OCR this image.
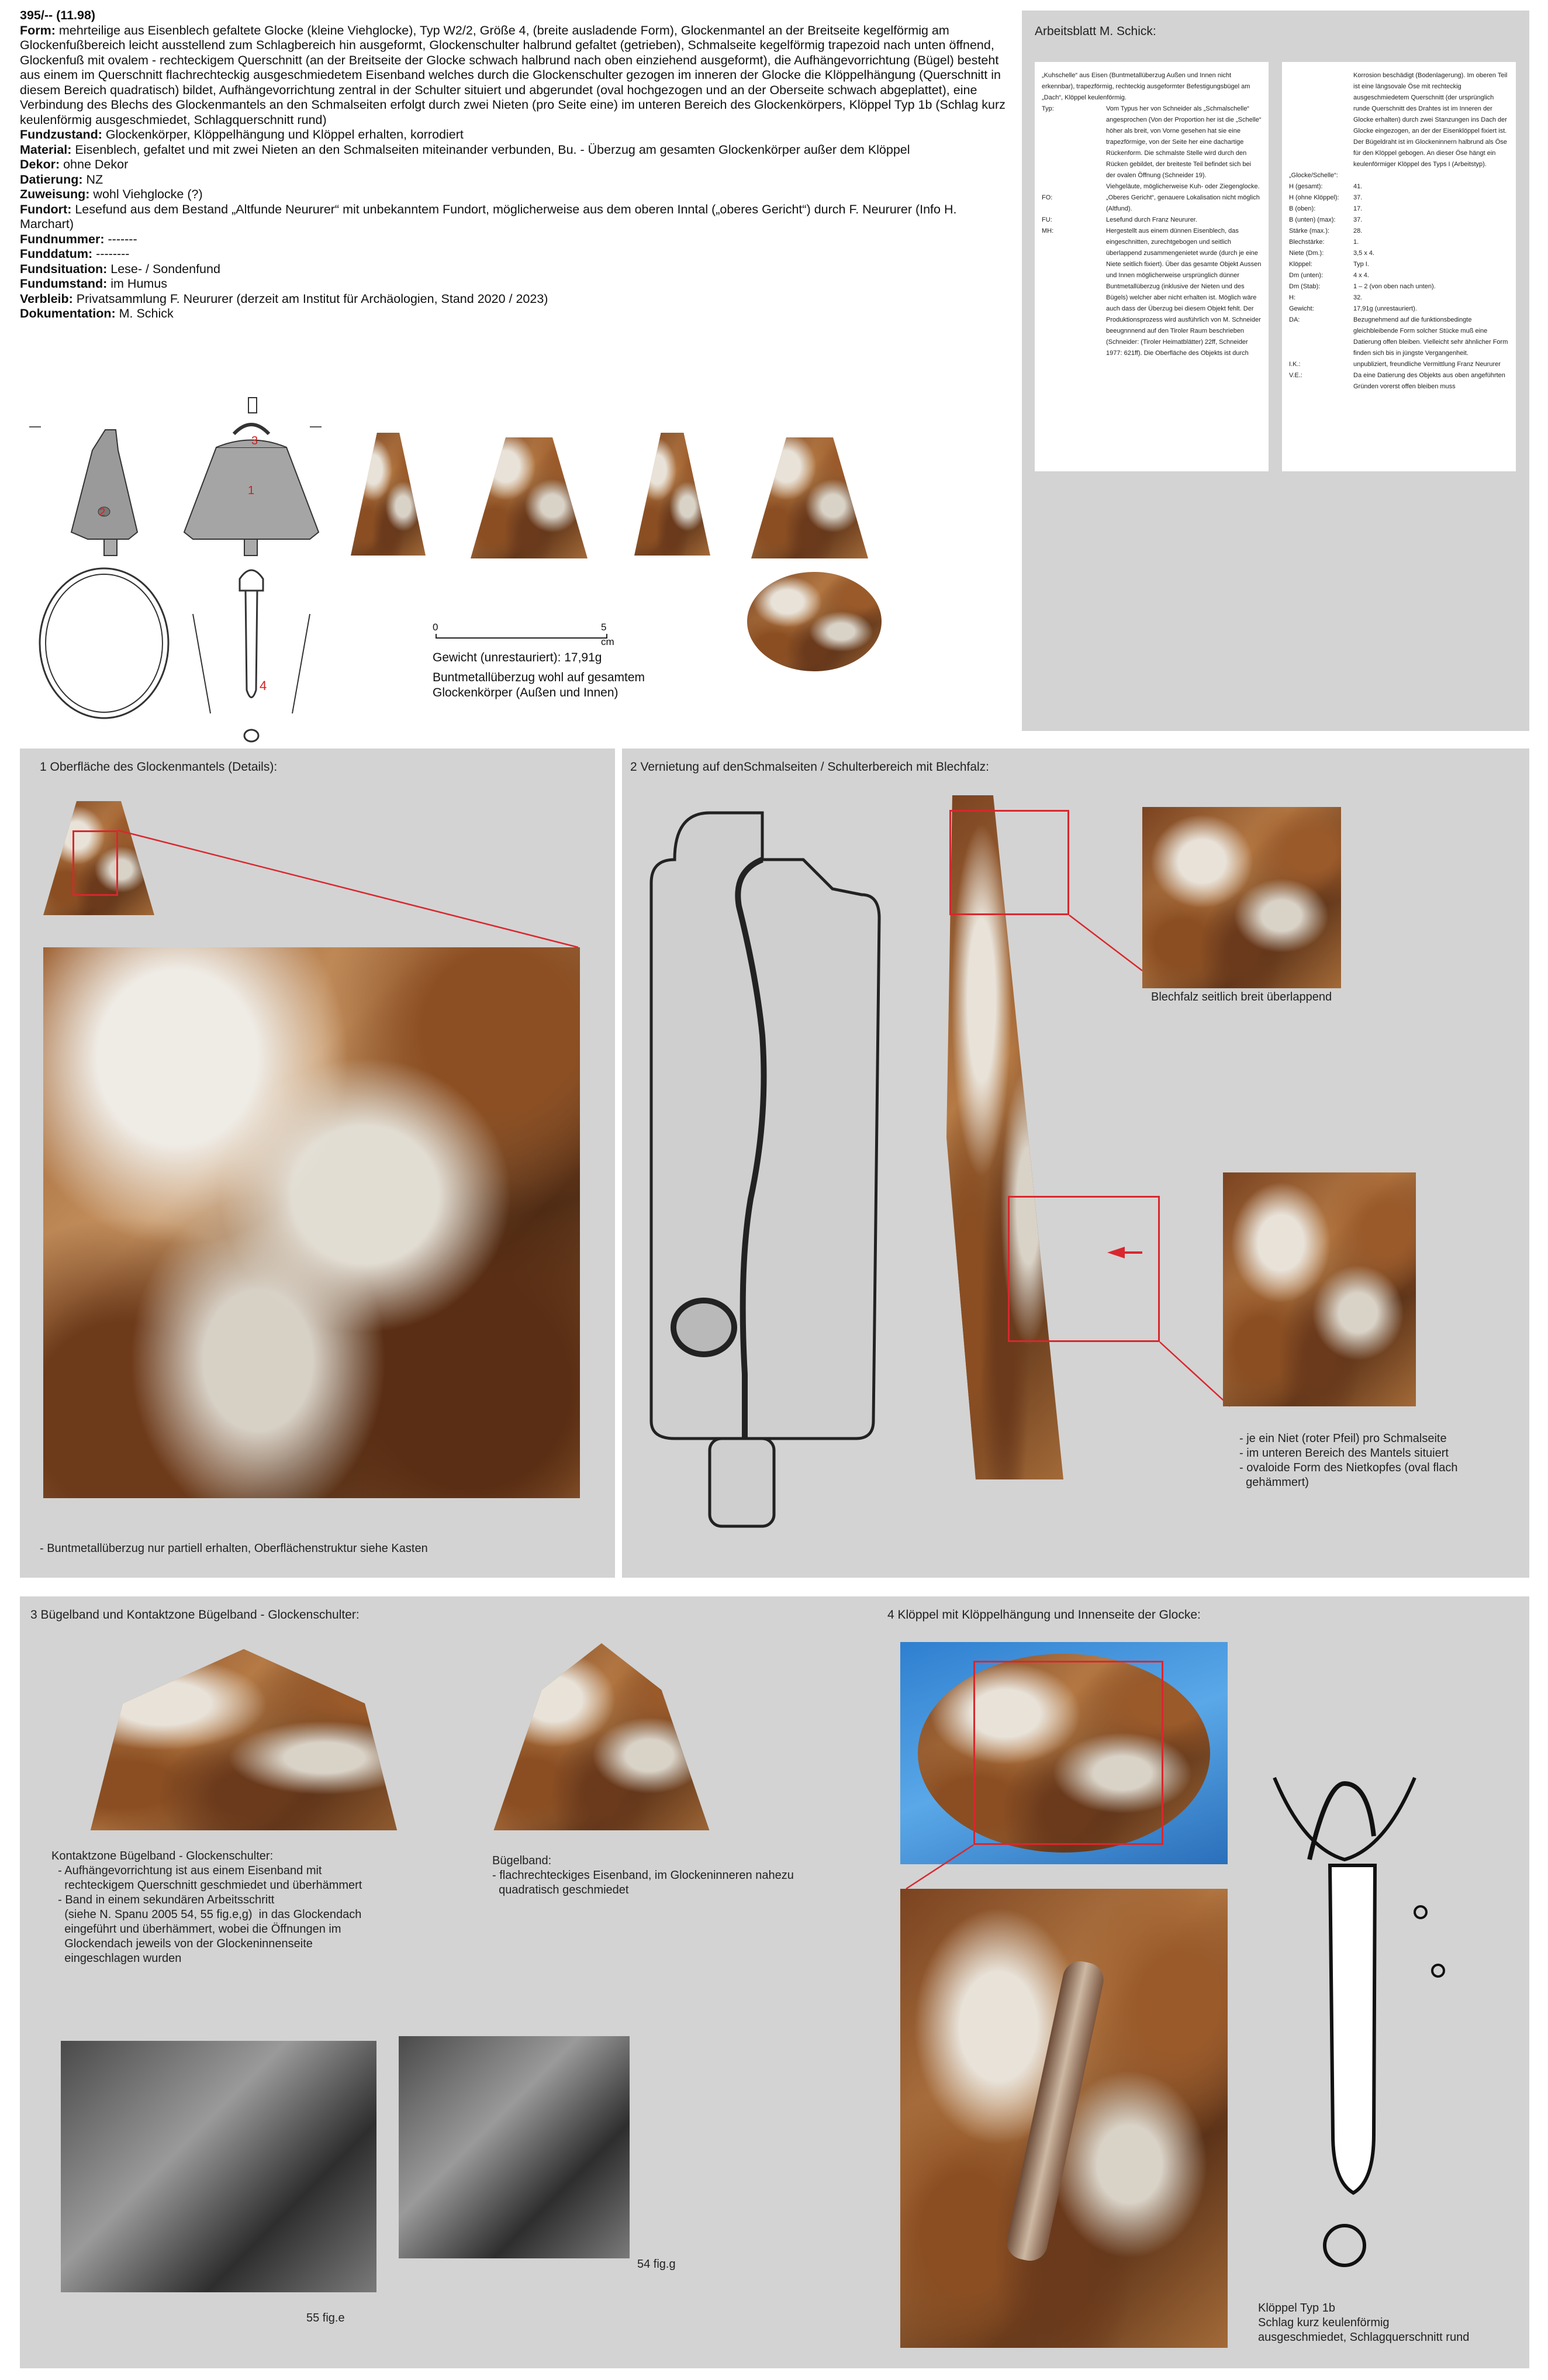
395/-- (11.98)
Form: mehrteilige aus Eisenblech gefaltete Glocke (kleine Viehglocke), Typ W2/2, Größe 4, (breite ausladende Form), Glockenmantel an der Breitseite kegelförmig am Glockenfußbereich leicht ausstellend zum Schlagbereich hin ausgeformt, Glockenschulter halbrund gefaltet (getrieben), Schmalseite kegelförmig trapezoid nach unten öffnend, Glockenfuß mit ovalem - rechteckigem Querschnitt (an der Breitseite der Glocke schwach halbrund nach oben einziehend ausgeformt), die Aufhängevorrichtung (Bügel) besteht aus einem im Querschnitt flachrechteckig ausgeschmiedetem Eisenband welches durch die Glockenschulter gezogen im inneren der Glocke die Klöppelhängung (Querschnitt in diesem Bereich quadratisch) bildet, Aufhängevorrichtung zentral in der Schulter situiert und abgerundet (oval hochgezogen und an der Oberseite schwach abgeplattet), eine Verbindung des Blechs des Glockenmantels an den Schmalseiten erfolgt durch zwei Nieten (pro Seite eine) im unteren Bereich des Glockenkörpers, Klöppel Typ 1b (Schlag kurz keulenförmig ausgeschmiedet, Schlagquerschnitt rund)
Fundzustand: Glockenkörper, Klöppelhängung und Klöppel erhalten, korrodiert
Material: Eisenblech, gefaltet und mit zwei Nieten an den Schmalseiten miteinander verbunden, Bu. - Überzug am gesamten Glockenkörper außer dem Klöppel
Dekor: ohne Dekor
Datierung: NZ
Zuweisung: wohl Viehglocke (?)
Fundort: Lesefund aus dem Bestand „Altfunde Neururer“ mit unbekanntem Fundort, möglicherweise aus dem oberen Inntal („oberes Gericht“) durch F. Neururer (Info H. Marchart)
Fundnummer: -------
Funddatum: --------
Fundsituation: Lese- / Sondenfund
Fundumstand: im Humus
Verbleib: Privatsammlung F. Neururer (derzeit am Institut für Archäologien, Stand 2020 / 2023)
Dokumentation: M. Schick
3
1
2
4
0	5 cm
Gewicht (unrestauriert): 17,91g
Buntmetallüberzug wohl auf gesamtem
Glockenkörper (Außen und Innen)
Arbeitsblatt M. Schick:
„Kuhschelle“ aus Eisen (Buntmetallüberzug Außen und Innen nicht erkennbar), trapezförmig, rechteckig ausgeformter Befestigungsbügel am „Dach“, Klöppel keulenförmig.
Typ:	Vom Typus her von Schneider als „Schmalschelle“ angesprochen (Von der Proportion her ist die „Schelle“ höher als breit, von Vorne gesehen hat sie eine trapezförmige, von der Seite her eine dachartige Rückenform. Die schmalste Stelle wird durch den Rücken gebildet, der breiteste Teil befindet sich bei der ovalen Öffnung (Schneider 19).
Viehgeläute, möglicherweise Kuh- oder Ziegenglocke.
FO:	„Oberes Gericht“, genauere Lokalisation nicht möglich (Altfund).
FU:	Lesefund durch Franz Neururer.
MH:	Hergestellt aus einem dünnen Eisenblech, das eingeschnitten, zurechtgebogen und seitlich überlappend zusammengenietet wurde (durch je eine Niete seitlich fixiert). Über das gesamte Objekt Aussen und Innen möglicherweise ursprünglich dünner Buntmetallüberzug (inklusive der Nieten und des Bügels) welcher aber nicht erhalten ist. Möglich wäre auch dass der Überzug bei diesem Objekt fehlt. Der Produktionsprozess wird ausführlich von M. Schneider beeugnnnend auf den Tiroler Raum beschrieben (Schneider: (Tiroler Heimatblätter) 22ff, Schneider 1977: 621ff). Die Oberfläche des Objekts ist durch
Korrosion beschädigt (Bodenlagerung). Im oberen Teil ist eine längsovale Öse mit rechteckig ausgeschmiedetem Querschnitt (der ursprünglich runde Querschnitt des Drahtes ist im Inneren der Glocke erhalten) durch zwei Stanzungen ins Dach der Glocke eingezogen, an der der Eisenklöppel fixiert ist. Der Bügeldraht ist im Glockeninnern halbrund als Öse für den Klöppel gebogen. An dieser Öse hängt ein keulenförmiger Klöppel des Typs I (Arbeitstyp).
„Glocke/Schelle“:
H (gesamt):	41.
H (ohne Klöppel):	37.
B (oben):	17.
B (unten) (max):	37.
Stärke (max.):	28.
Blechstärke:	1.
Niete (Dm.):	3,5 x 4.
Klöppel:	Typ I.
Dm (unten):	4 x 4.
Dm (Stab):	1 – 2 (von oben nach unten).
H:	32.
Gewicht:	17,91g (unrestauriert).
DA:	Bezugnehmend auf die funktionsbedingte gleichbleibende Form solcher Stücke muß eine Datierung offen bleiben. Vielleicht sehr ähnlicher Form finden sich bis in jüngste Vergangenheit.
I.K.:	unpubliziert, freundliche Vermittlung Franz Neururer
V.E.:	Da eine Datierung des Objekts aus oben angeführten Gründen vorerst offen bleiben muss
1 Oberfläche des Glockenmantels (Details):
- Buntmetallüberzug nur partiell erhalten, Oberflächenstruktur siehe Kasten
2 Vernietung auf denSchmalseiten / Schulterbereich mit Blechfalz:
Blechfalz seitlich breit überlappend
- je ein Niet (roter Pfeil) pro Schmalseite
- im unteren Bereich des Mantels situiert
- ovaloide Form des Nietkopfes (oval flach
gehämmert)
3 Bügelband und Kontaktzone Bügelband - Glockenschulter:
Kontaktzone Bügelband - Glockenschulter:
- Aufhängevorrichtung ist aus einem Eisenband mit
rechteckigem Querschnitt geschmiedet und überhämmert
- Band in einem sekundären Arbeitsschritt
(siehe N. Spanu 2005 54, 55 fig.e,g)  in das Glockendach
eingeführt und überhämmert, wobei die Öffnungen im
Glockendach jeweils von der Glockeninnenseite
eingeschlagen wurden
Bügelband:
- flachrechteckiges Eisenband, im Glockeninneren nahezu
quadratisch geschmiedet
55 fig.e
54 fig.g
4 Klöppel mit Klöppelhängung und Innenseite der Glocke:
Klöppel Typ 1b
Schlag kurz keulenförmig
ausgeschmiedet, Schlagquerschnitt rund
